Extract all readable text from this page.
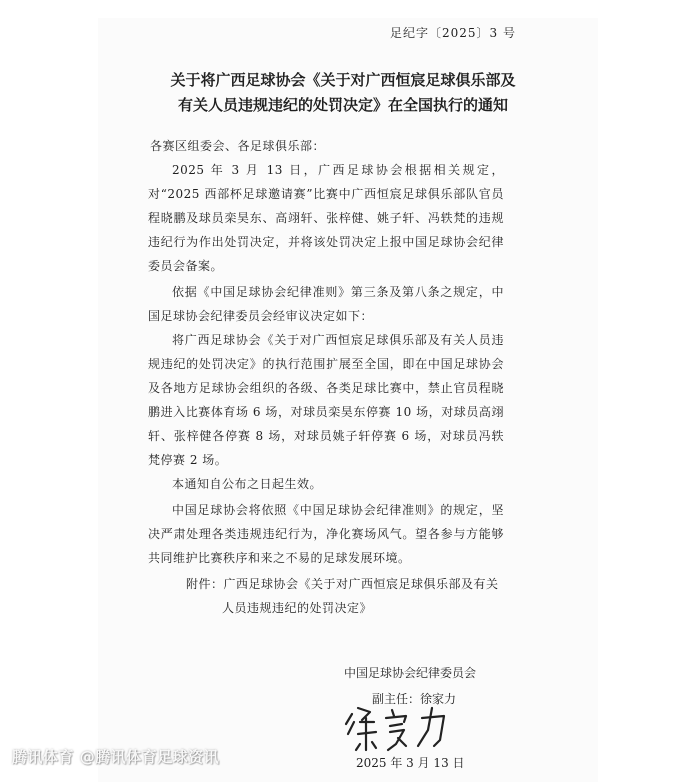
足纪字〔2025〕3 号
关于将广西足球协会《关于对广西恒宸足球俱乐部及
有关人员违规违纪的处罚决定》在全国执行的通知

各赛区组委会、各足球俱乐部：

2025 年 3 月 13 日，广西足球协会根据相关规定，对“2025 西部杯足球邀请赛”比赛中广西恒宸足球俱乐部队官员程晓鹏及球员栾昊东、高翊轩、张梓健、姚子轩、冯轶梵的违规违纪行为作出处罚决定，并将该处罚决定上报中国足球协会纪律委员会备案。

依据《中国足球协会纪律准则》第三条及第八条之规定，中国足球协会纪律委员会经审议决定如下：

将广西足球协会《关于对广西恒宸足球俱乐部及有关人员违规违纪的处罚决定》的执行范围扩展至全国，即在中国足球协会及各地方足球协会组织的各级、各类足球比赛中，禁止官员程晓鹏进入比赛体育场 6 场，对球员栾昊东停赛 10 场，对球员高翊轩、张梓健各停赛 8 场，对球员姚子轩停赛 6 场，对球员冯轶梵停赛 2 场。

本通知自公布之日起生效。

中国足球协会将依照《中国足球协会纪律准则》的规定，坚决严肃处理各类违规违纪行为，净化赛场风气。望各参与方能够共同维护比赛秩序和来之不易的足球发展环境。

附件：广西足球协会《关于对广西恒宸足球俱乐部及有关
人员违规违纪的处罚决定》
中国足球协会纪律委员会
副主任：徐家力
2025 年 3 月 13 日
腾讯体育 @腾讯体育足球资讯
